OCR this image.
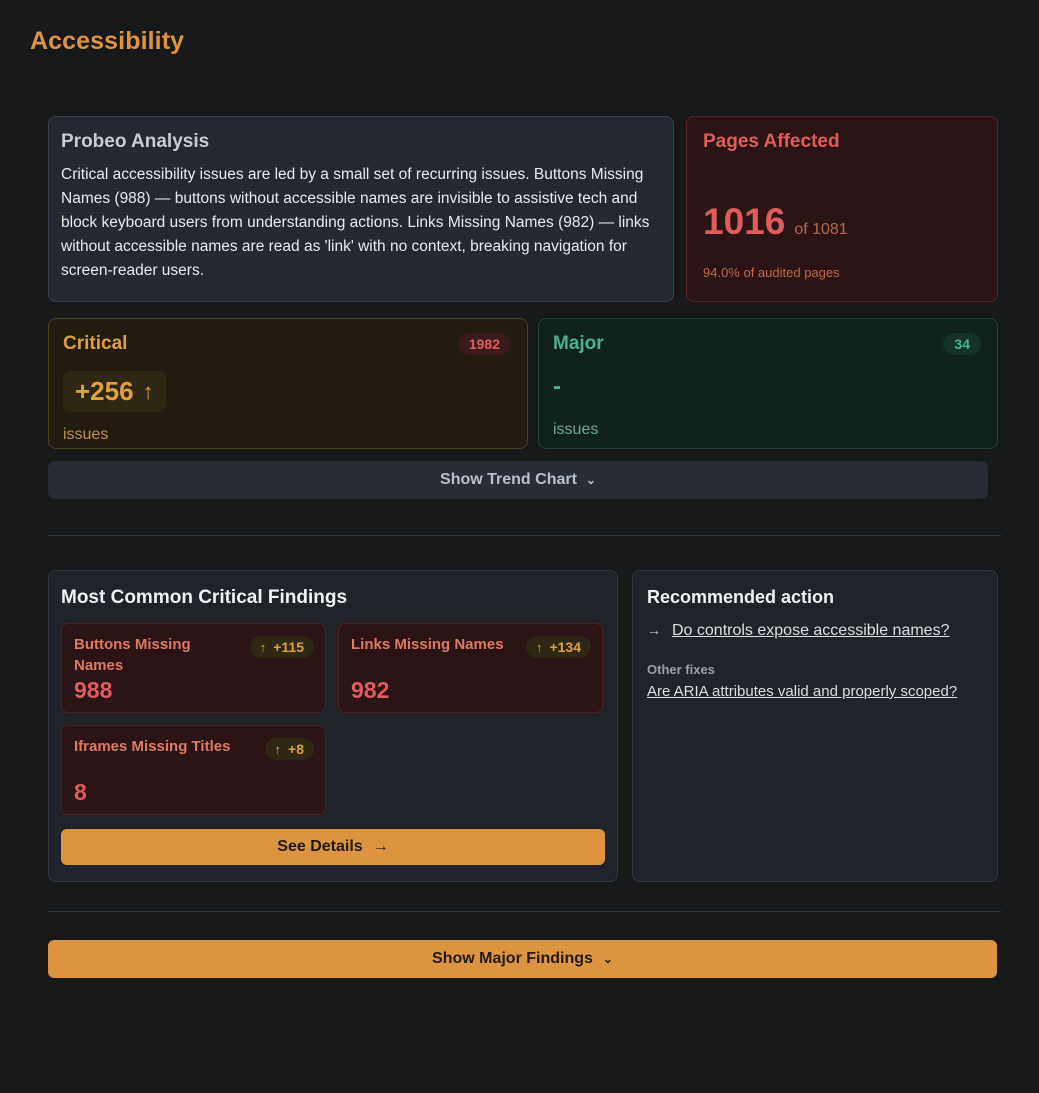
Accessibility
Probeo Analysis
Critical accessibility issues are led by a small set of recurring issues. Buttons Missing Names (988) — buttons without accessible names are invisible to assistive tech and block keyboard users from understanding actions. Links Missing Names (982) — links without accessible names are read as 'link' with no context, breaking navigation for screen-reader users.
Pages Affected
1016 of 1081
94.0% of audited pages
Critical	1982
+256 ↑
issues
Major	34
-
issues
Show Trend Chart ⌄
Most Common Critical Findings
Buttons Missing Names
↑ +115
988
Links Missing Names	↑ +134
982
Iframes Missing Titles	↑ +8
8
See Details →
Recommended action
→ Do controls expose accessible names?
Other fixes
Are ARIA attributes valid and properly scoped?
Show Major Findings ⌄
